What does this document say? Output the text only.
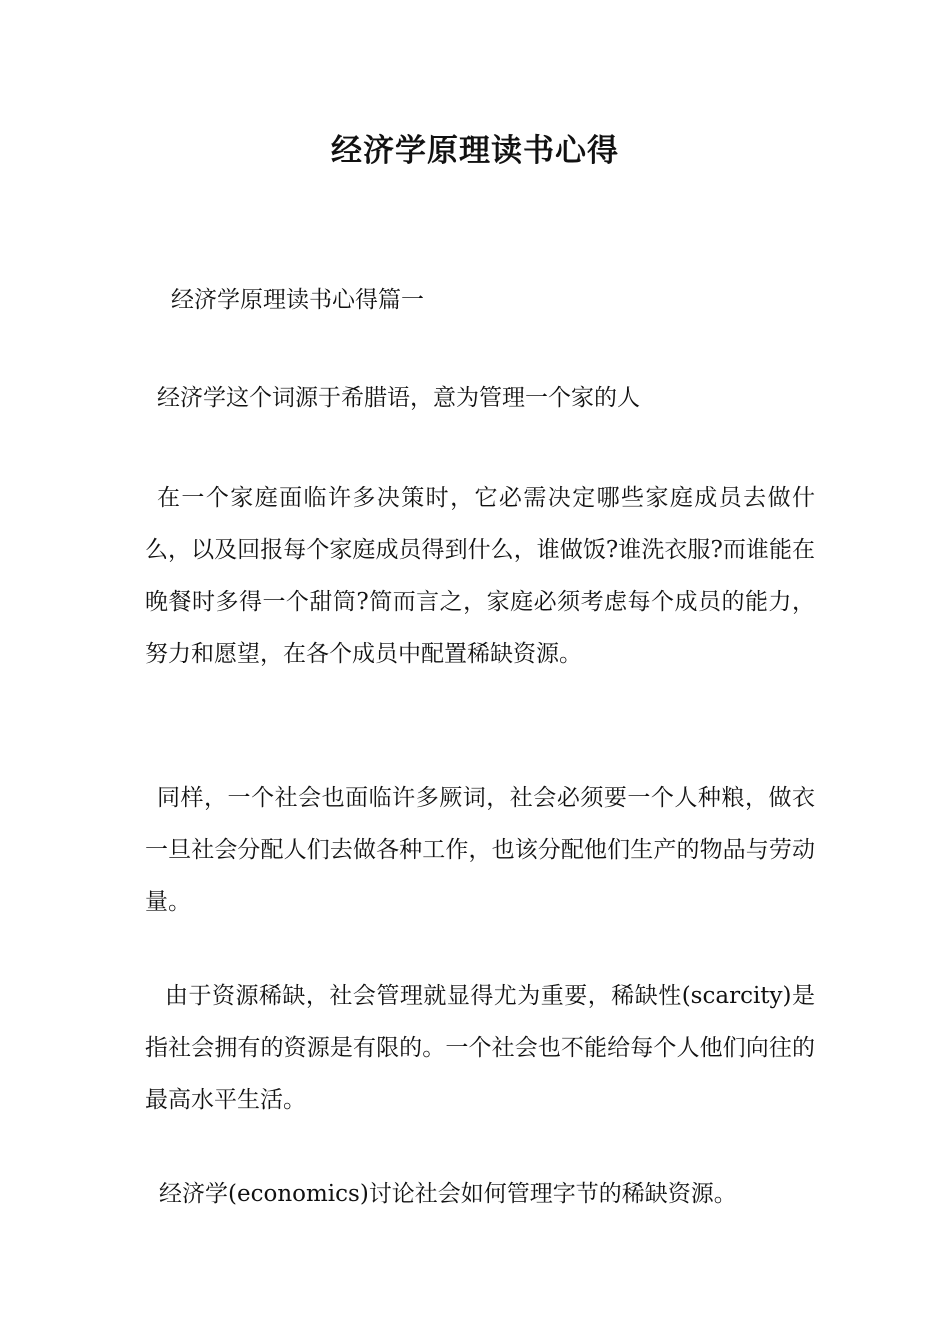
经济学原理读书心得

经济学原理读书心得篇一

经济学这个词源于希腊语，意为管理一个家的人

在一个家庭面临许多决策时，它必需决定哪些家庭成员去做什么，以及回报每个家庭成员得到什么，谁做饭?谁洗衣服?而谁能在晚餐时多得一个甜筒?简而言之，家庭必须考虑每个成员的能力，努力和愿望，在各个成员中配置稀缺资源。

同样，一个社会也面临许多厥词，社会必须要一个人种粮，做衣一旦社会分配人们去做各种工作，也该分配他们生产的物品与劳动量。

由于资源稀缺，社会管理就显得尤为重要，稀缺性(scarcity)是指社会拥有的资源是有限的。一个社会也不能给每个人他们向往的最高水平生活。

经济学(economics)讨论社会如何管理字节的稀缺资源。
